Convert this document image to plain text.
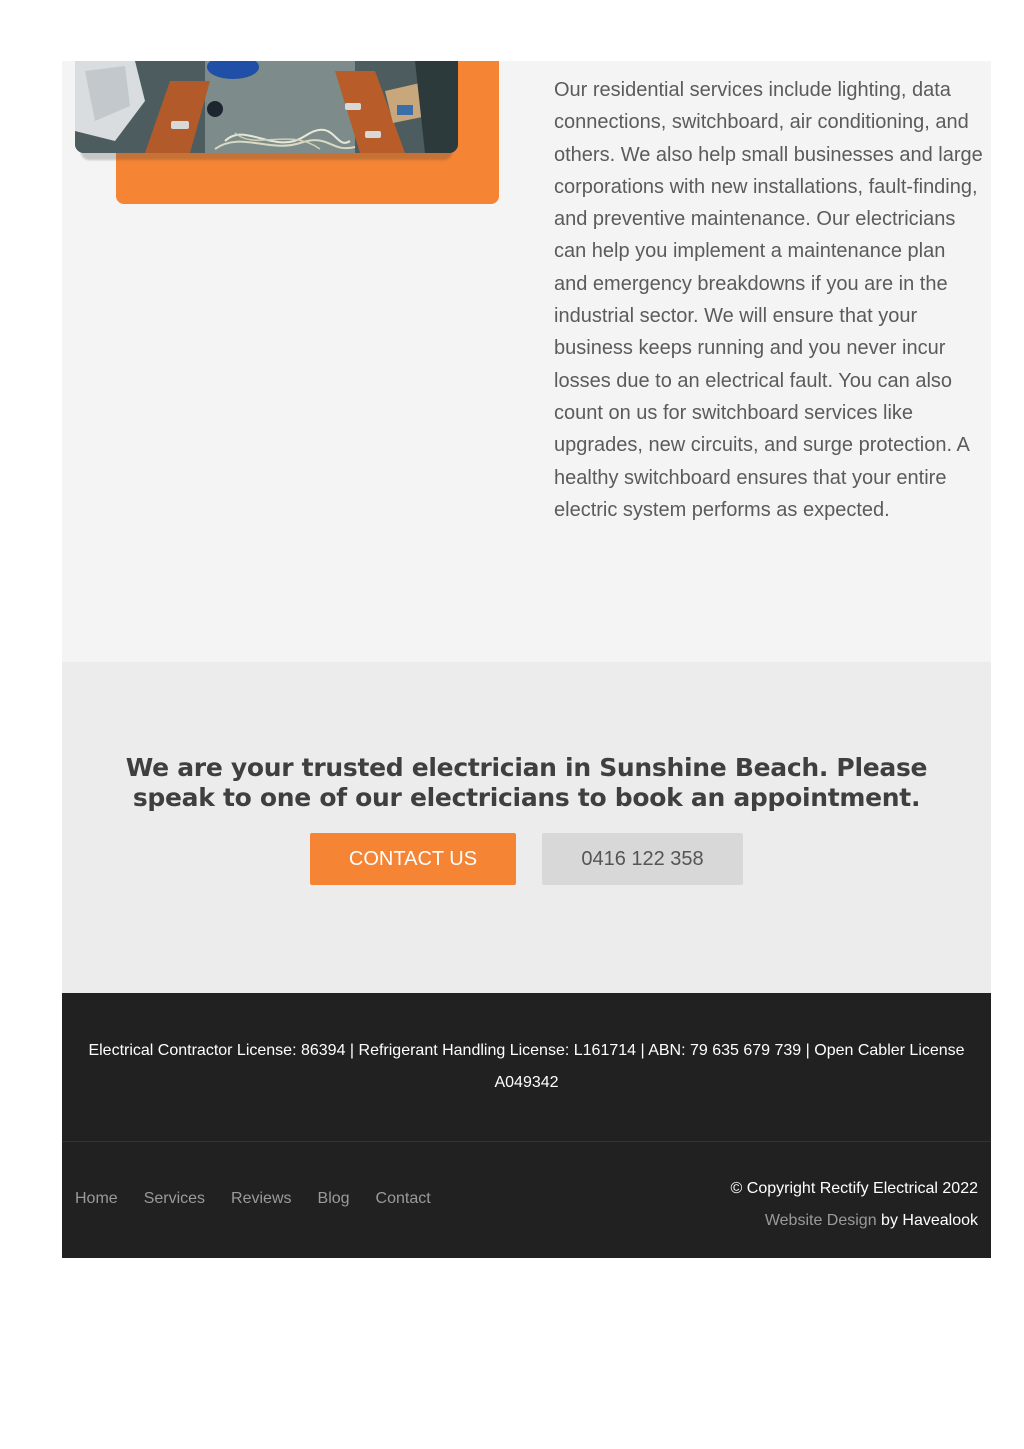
Our residential services include lighting, data connections, switchboard, air conditioning, and others. We also help small businesses and large corporations with new installations, fault-finding, and preventive maintenance. Our electricians can help you implement a maintenance plan and emergency breakdowns if you are in the industrial sector. We will ensure that your business keeps running and you never incur losses due to an electrical fault. You can also count on us for switchboard services like upgrades, new circuits, and surge protection. A healthy switchboard ensures that your entire electric system performs as expected.

We are your trusted electrician in Sunshine Beach. Please speak to one of our electricians to book an appointment.
CONTACT US	0416 122 358

Electrical Contractor License: 86394 | Refrigerant Handling License: L161714 | ABN: 79 635 679 739 | Open Cabler License A049342

Home Services Reviews Blog Contact
© Copyright Rectify Electrical 2022
Website Design by Havealook
